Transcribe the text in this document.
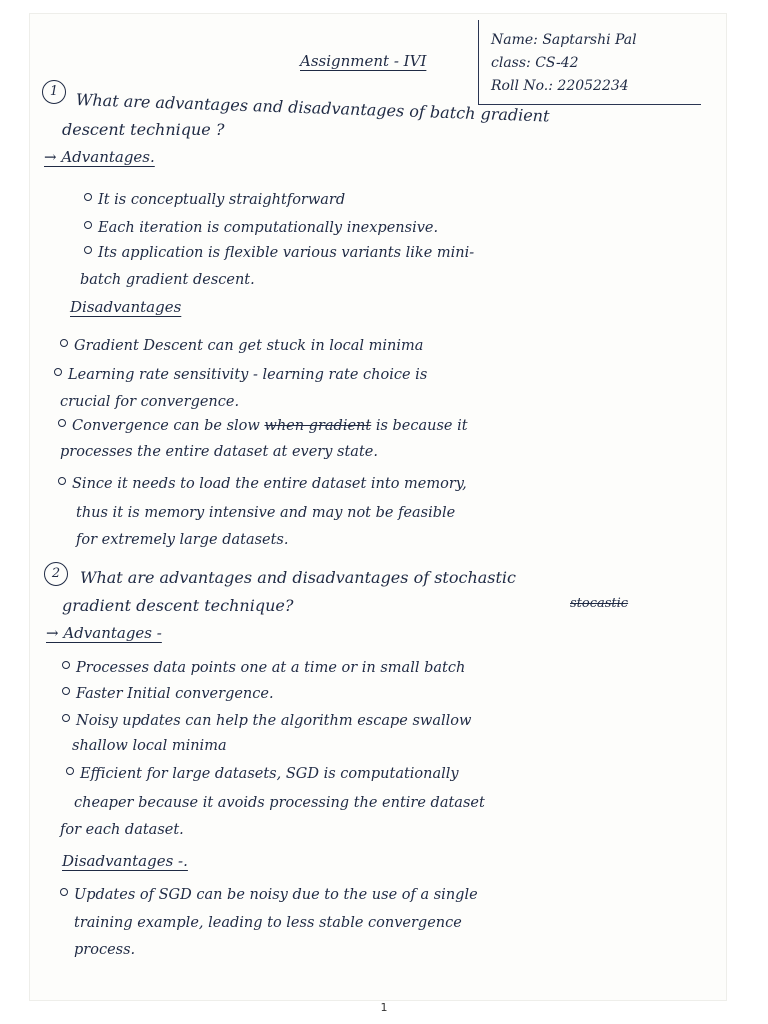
Assignment - IVI
Name: Saptarshi Pal
class: CS-42
Roll No.: 22052234
1	What are advantages and disadvantages of batch gradient
descent technique ?
→ Advantages.
It is conceptually straightforward
Each iteration is computationally inexpensive.
Its application is flexible various variants like mini-
batch gradient descent.
Disadvantages
Gradient Descent can get stuck in local minima
Learning rate sensitivity - learning rate choice is
crucial for convergence.
Convergence can be slow when gradient is because it
processes the entire dataset at every state.
Since it needs to load the entire dataset into memory,
thus it is memory intensive and may not be feasible
for extremely large datasets.
2	What are advantages and disadvantages of stochastic
stocastic
gradient descent technique?
→ Advantages -
Processes data points one at a time or in small batch
Faster Initial convergence.
Noisy updates can help the algorithm escape swallow
shallow local minima
Efficient for large datasets, SGD is computationally
cheaper because it avoids processing the entire dataset
for each dataset.
Disadvantages -.
Updates of SGD can be noisy due to the use of a single
training example, leading to less stable convergence
process.
1
